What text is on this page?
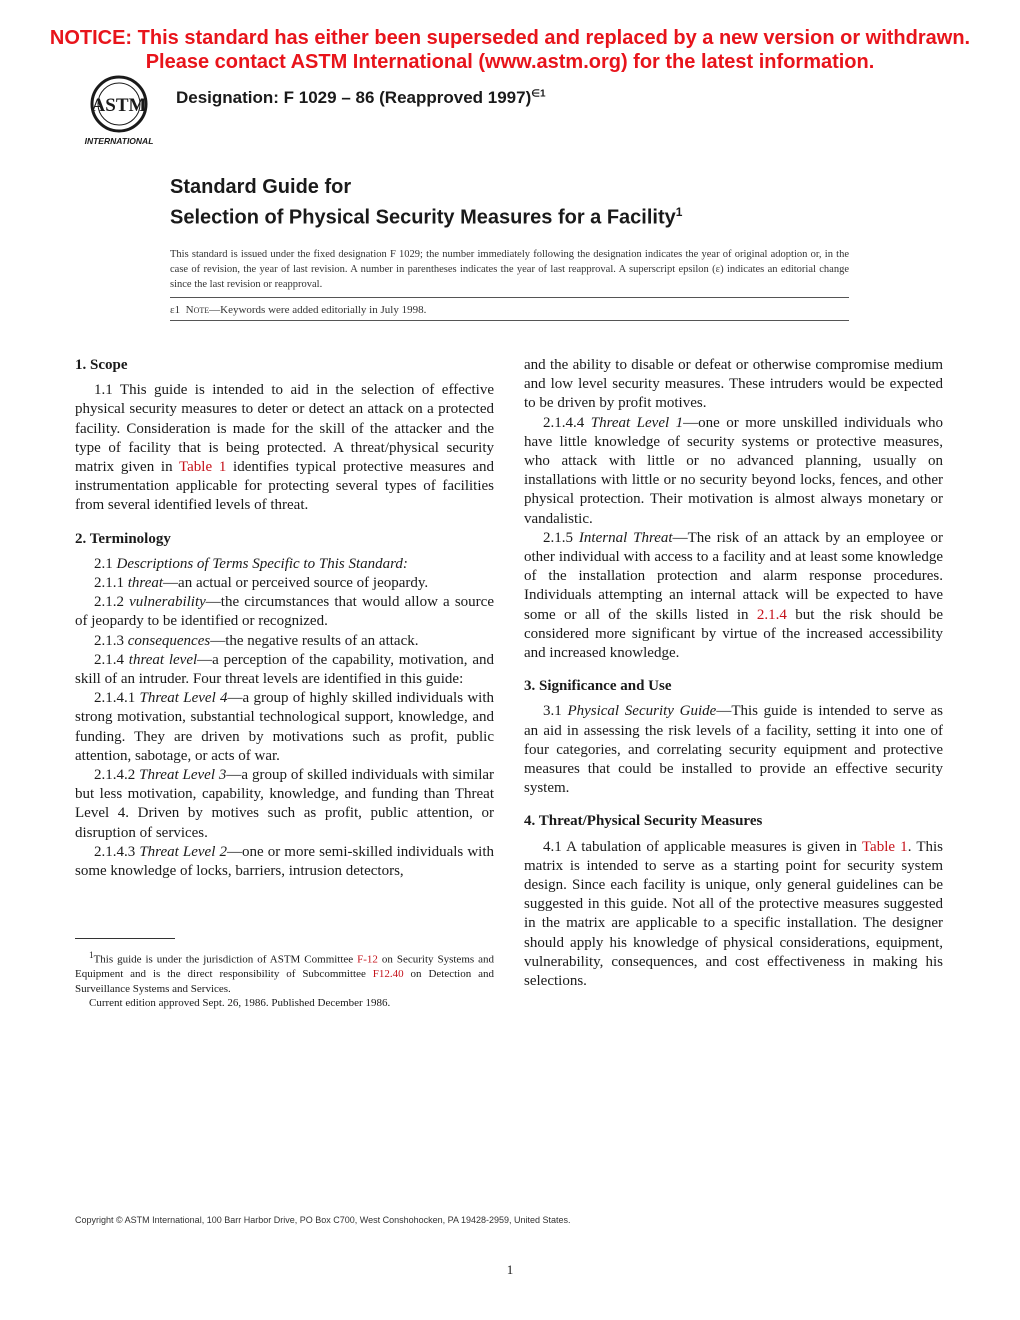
NOTICE: This standard has either been superseded and replaced by a new version or withdrawn.
Please contact ASTM International (www.astm.org) for the latest information.
ASTM
INTERNATIONAL
Designation: F 1029 – 86 (Reapproved 1997)$^{\in 1}$
Standard Guide for
Selection of Physical Security Measures for a Facility$^1$
This standard is issued under the fixed designation F 1029; the number immediately following the designation indicates the year of original adoption or, in the case of revision, the year of last revision. A number in parentheses indicates the year of last reapproval. A superscript epsilon (ε) indicates an editorial change since the last revision or reapproval.
ε1 Note—Keywords were added editorially in July 1998.
1. Scope

1.1 This guide is intended to aid in the selection of effective physical security measures to deter or detect an attack on a protected facility. Consideration is made for the skill of the attacker and the type of facility that is being protected. A threat/physical security matrix given in Table 1 identifies typical protective measures and instrumentation applicable for protecting several types of facilities from several identified levels of threat.

2. Terminology

2.1 Descriptions of Terms Specific to This Standard:

2.1.1 threat—an actual or perceived source of jeopardy.

2.1.2 vulnerability—the circumstances that would allow a source of jeopardy to be identified or recognized.

2.1.3 consequences—the negative results of an attack.

2.1.4 threat level—a perception of the capability, motivation, and skill of an intruder. Four threat levels are identified in this guide:

2.1.4.1 Threat Level 4—a group of highly skilled individuals with strong motivation, substantial technological support, knowledge, and funding. They are driven by motivations such as profit, public attention, sabotage, or acts of war.

2.1.4.2 Threat Level 3—a group of skilled individuals with similar but less motivation, capability, knowledge, and funding than Threat Level 4. Driven by motives such as profit, public attention, or disruption of services.

2.1.4.3 Threat Level 2—one or more semi-skilled individuals with some knowledge of locks, barriers, intrusion detectors,

$^1$This guide is under the jurisdiction of ASTM Committee F-12 on Security Systems and Equipment and is the direct responsibility of Subcommittee F12.40 on Detection and Surveillance Systems and Services.

Current edition approved Sept. 26, 1986. Published December 1986.

and the ability to disable or defeat or otherwise compromise medium and low level security measures. These intruders would be expected to be driven by profit motives.

2.1.4.4 Threat Level 1—one or more unskilled individuals who have little knowledge of security systems or protective measures, who attack with little or no advanced planning, usually on installations with little or no security beyond locks, fences, and other physical protection. Their motivation is almost always monetary or vandalistic.

2.1.5 Internal Threat—The risk of an attack by an employee or other individual with access to a facility and at least some knowledge of the installation protection and alarm response procedures. Individuals attempting an internal attack will be expected to have some or all of the skills listed in 2.1.4 but the risk should be considered more significant by virtue of the increased accessibility and increased knowledge.

3. Significance and Use

3.1 Physical Security Guide—This guide is intended to serve as an aid in assessing the risk levels of a facility, setting it into one of four categories, and correlating security equipment and protective measures that could be installed to provide an effective security system.

4. Threat/Physical Security Measures

4.1 A tabulation of applicable measures is given in Table 1. This matrix is intended to serve as a starting point for security system design. Since each facility is unique, only general guidelines can be suggested in this guide. Not all of the protective measures suggested in the matrix are applicable to a specific installation. The designer should apply his knowledge of physical considerations, equipment, vulnerability, consequences, and cost effectiveness in making his selections.

Copyright © ASTM International, 100 Barr Harbor Drive, PO Box C700, West Conshohocken, PA 19428-2959, United States.
1
